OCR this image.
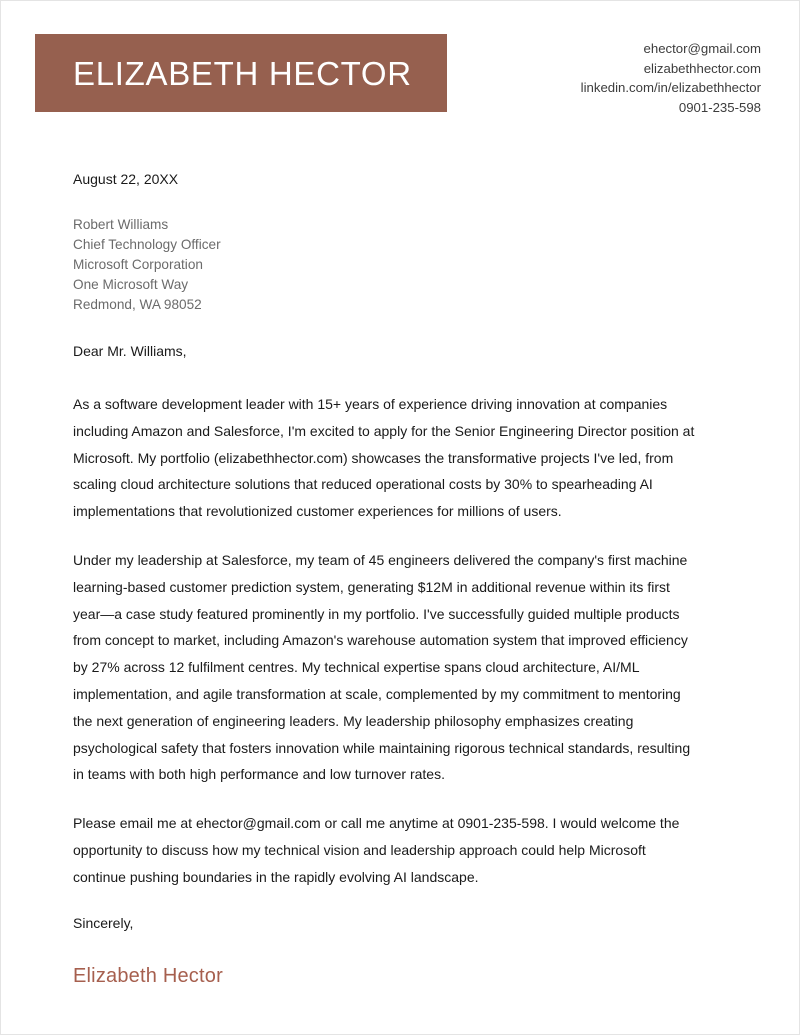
ELIZABETH HECTOR
ehector@gmail.com
elizabethhector.com
linkedin.com/in/elizabethhector
0901-235-598
August 22, 20XX
Robert Williams
Chief Technology Officer
Microsoft Corporation
One Microsoft Way
Redmond, WA 98052
Dear Mr. Williams,
As a software development leader with 15+ years of experience driving innovation at companies including Amazon and Salesforce, I'm excited to apply for the Senior Engineering Director position at Microsoft. My portfolio (elizabethhector.com) showcases the transformative projects I've led, from scaling cloud architecture solutions that reduced operational costs by 30% to spearheading AI implementations that revolutionized customer experiences for millions of users.
Under my leadership at Salesforce, my team of 45 engineers delivered the company's first machine learning-based customer prediction system, generating $12M in additional revenue within its first year—a case study featured prominently in my portfolio. I've successfully guided multiple products from concept to market, including Amazon's warehouse automation system that improved efficiency by 27% across 12 fulfilment centres. My technical expertise spans cloud architecture, AI/ML implementation, and agile transformation at scale, complemented by my commitment to mentoring the next generation of engineering leaders. My leadership philosophy emphasizes creating psychological safety that fosters innovation while maintaining rigorous technical standards, resulting in teams with both high performance and low turnover rates.
Please email me at ehector@gmail.com or call me anytime at 0901-235-598. I would welcome the opportunity to discuss how my technical vision and leadership approach could help Microsoft continue pushing boundaries in the rapidly evolving AI landscape.
Sincerely,
Elizabeth Hector
